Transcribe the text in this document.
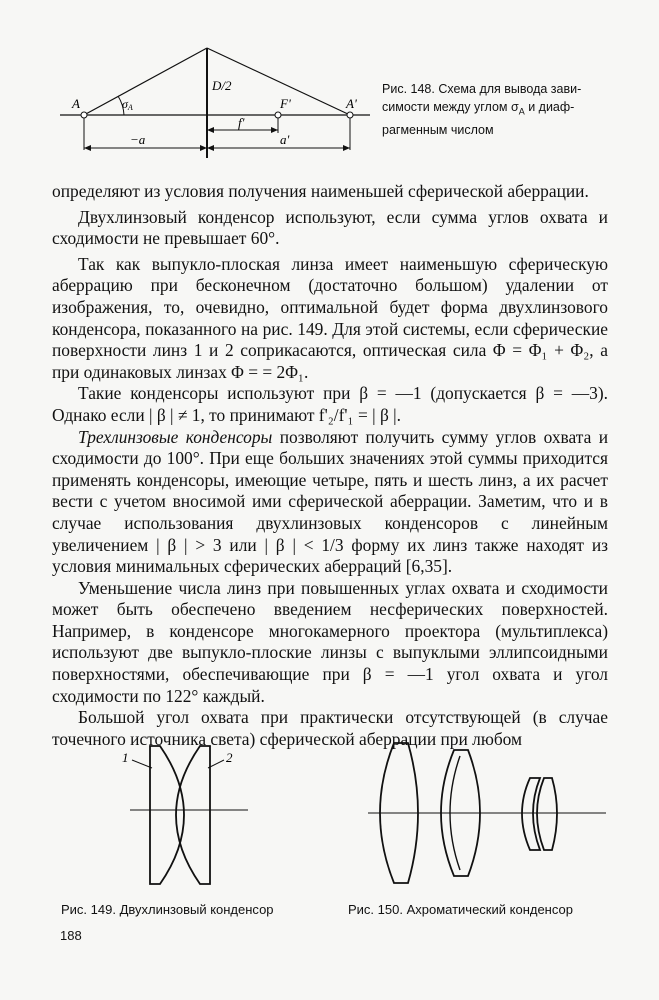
A	σA
D/2
F'	A'
−a
f'
a'
Рис. 148. Схема для вывода зави-
симости между углом $\sigma_A$ и диаф-
рагменным числом

определяют из условия получения наименьшей сферической аберрации.

Двухлинзовый конденсор используют, если сумма углов охвата и сходимости не превышает 60°.

Так как выпукло-плоская линза имеет наименьшую сферическую аберрацию при бесконечном (достаточно большом) удалении от изображения, то, очевидно, оптимальной будет форма двухлинзового конденсора, показанного на рис. 149. Для этой системы, если сферические поверхности линз 1 и 2 соприкасаются, оптическая сила Φ = Φ₁ + Φ₂, а при одинаковых линзах Φ = = 2Φ₁.

Такие конденсоры используют при β = —1 (допускается β = —3). Однако если | β | ≠ 1, то принимают f'₂/f'₁ = | β |.

Трехлинзовые конденсоры позволяют получить сумму углов охвата и сходимости до 100°. При еще больших значениях этой суммы приходится применять конденсоры, имеющие четыре, пять и шесть линз, а их расчет вести с учетом вносимой ими сферической аберрации. Заметим, что и в случае использования двухлинзовых конденсоров с линейным увеличением | β | > 3 или | β | < 1/3 форму их линз также находят из условия минимальных сферических аберраций [6,35].

Уменьшение числа линз при повышенных углах охвата и сходимости может быть обеспечено введением несферических поверхностей. Например, в конденсоре многокамерного проектора (мультиплекса) используют две выпукло-плоские линзы с выпуклыми эллипсоидными поверхностями, обеспечивающие при β = —1 угол охвата и угол сходимости по 122° каждый.

Большой угол охвата при практически отсутствующей (в случае точечного источника света) сферической аберрации при любом

1	2
Рис. 149. Двухлинзовый конденсор	Рис. 150. Ахроматический конденсор
188
